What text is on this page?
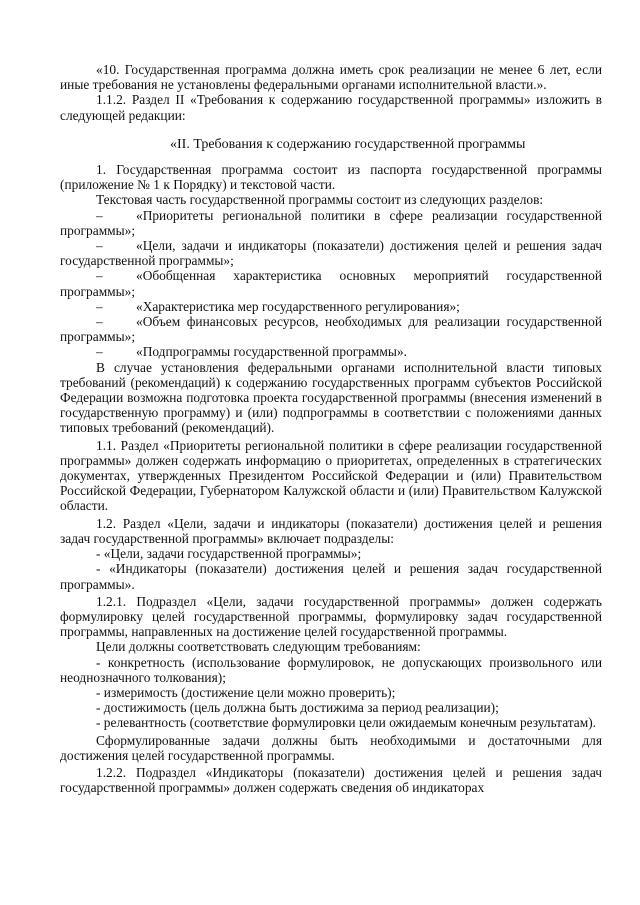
«10. Государственная программа должна иметь срок реализации не менее 6 лет, если иные требования не установлены федеральными органами исполнительной власти.».

1.1.2. Раздел II «Требования к содержанию государственной программы» изложить в следующей редакции:

«II. Требования к содержанию государственной программы

1. Государственная программа состоит из паспорта государственной программы (приложение № 1 к Порядку) и текстовой части.

Текстовая часть государственной программы состоит из следующих разделов:

– «Приоритеты региональной политики в сфере реализации государственной программы»;

– «Цели, задачи и индикаторы (показатели) достижения целей и решения задач государственной программы»;

– «Обобщенная характеристика основных мероприятий государственной программы»;

– «Характеристика мер государственного регулирования»;

– «Объем финансовых ресурсов, необходимых для реализации государственной программы»;

– «Подпрограммы государственной программы».

В случае установления федеральными органами исполнительной власти типовых требований (рекомендаций) к содержанию государственных программ субъектов Российской Федерации возможна подготовка проекта государственной программы (внесения изменений в государственную программу) и (или) подпрограммы в соответствии с положениями данных типовых требований (рекомендаций).

1.1. Раздел «Приоритеты региональной политики в сфере реализации государственной программы» должен содержать информацию о приоритетах, определенных в стратегических документах, утвержденных Президентом Российской Федерации и (или) Правительством Российской Федерации, Губернатором Калужской области и (или) Правительством Калужской области.

1.2. Раздел «Цели, задачи и индикаторы (показатели) достижения целей и решения задач государственной программы» включает подразделы:

- «Цели, задачи государственной программы»;

- «Индикаторы (показатели) достижения целей и решения задач государственной программы».

1.2.1. Подраздел «Цели, задачи государственной программы» должен содержать формулировку целей государственной программы, формулировку задач государственной программы, направленных на достижение целей государственной программы.

Цели должны соответствовать следующим требованиям:

- конкретность (использование формулировок, не допускающих произвольного или неоднозначного толкования);

- измеримость (достижение цели можно проверить);

- достижимость (цель должна быть достижима за период реализации);

- релевантность (соответствие формулировки цели ожидаемым конечным результатам).

Сформулированные задачи должны быть необходимыми и достаточными для достижения целей государственной программы.

1.2.2. Подраздел «Индикаторы (показатели) достижения целей и решения задач государственной программы» должен содержать сведения об индикаторах
